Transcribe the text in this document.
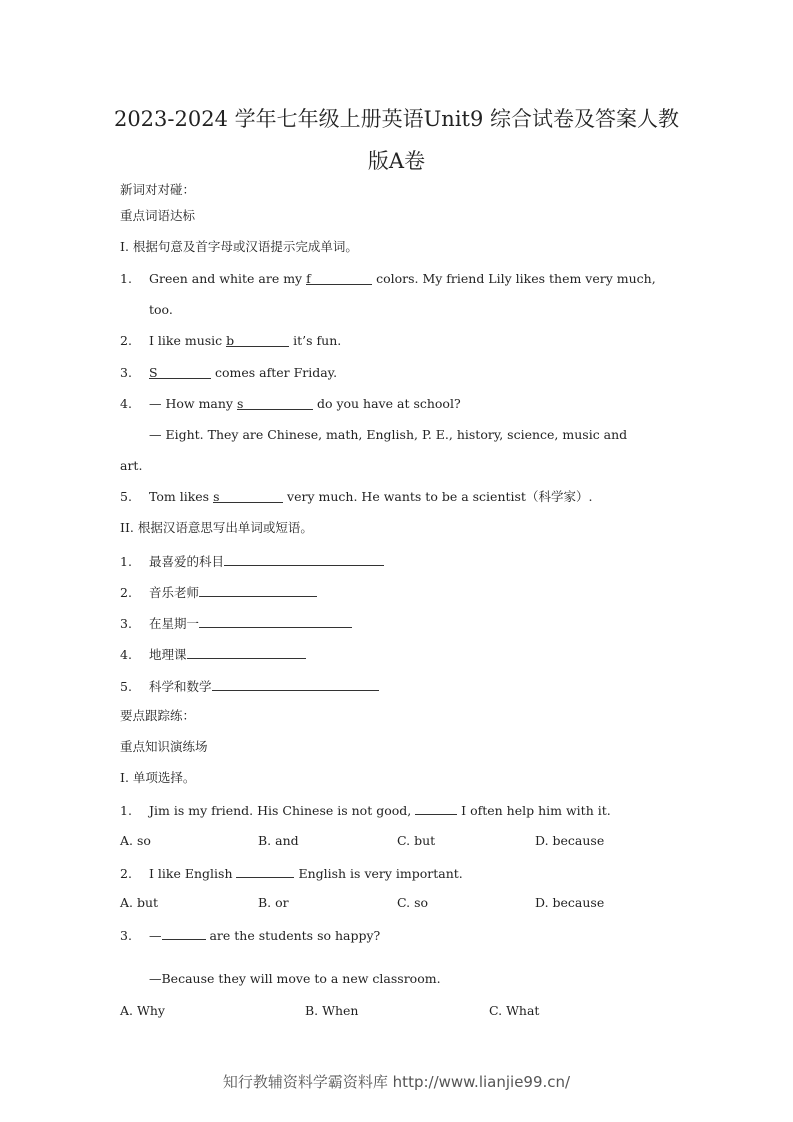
2023-2024 学年七年级上册英语Unit9 综合试卷及答案人教
版A卷
新词对对碰：
重点词语达标
I. 根据句意及首字母或汉语提示完成单词。
1. Green and white are my f	colors. My friend Lily likes them very much,
too.
2. I like music b	it’s fun.
3. S	comes after Friday.
4. — How many s	do you have at school?
— Eight. They are Chinese, math, English, P. E., history, science, music and
art.
5. Tom likes s	very much. He wants to be a scientist（科学家）.
II. 根据汉语意思写出单词或短语。
1. 最喜爱的科目
2. 音乐老师
3. 在星期一
4. 地理课
5. 科学和数学
要点跟踪练：
重点知识演练场
I. 单项选择。
1. Jim is my friend. His Chinese is not good,	I often help him with it.
A. so	B. and	C. but	D. because
2. I like English	English is very important.
A. but	B. or	C. so	D. because
3. —	are the students so happy?
—Because they will move to a new classroom.
A. Why	B. When	C. What
知行教辅资料学霸资料库 http://www.lianjie99.cn/
